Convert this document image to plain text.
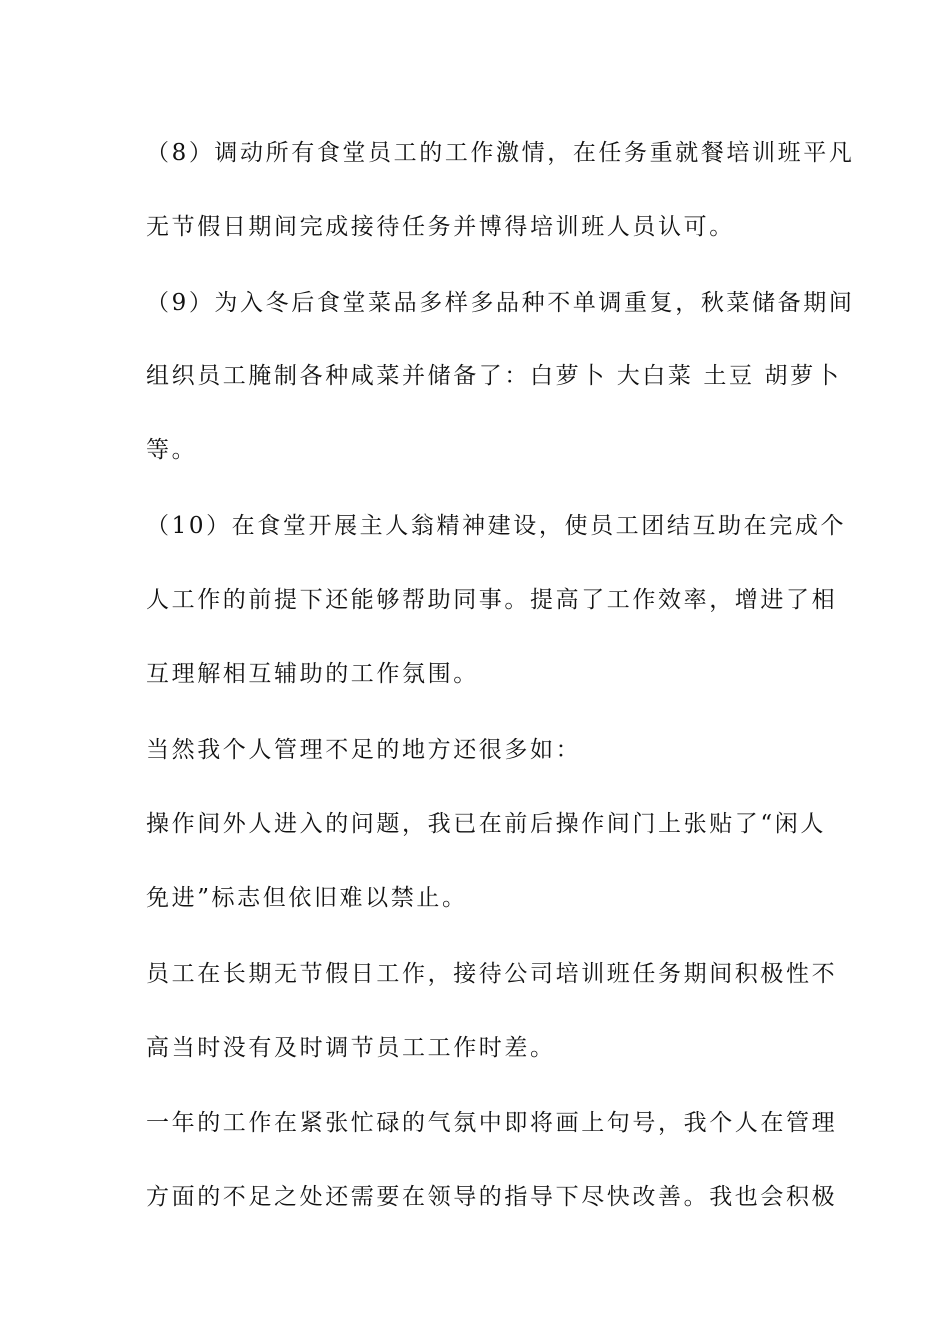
（8）调动所有食堂员工的工作激情，在任务重就餐培训班平凡
无节假日期间完成接待任务并博得培训班人员认可。
（9）为入冬后食堂菜品多样多品种不单调重复，秋菜储备期间
组织员工腌制各种咸菜并储备了：白萝卜 大白菜 土豆 胡萝卜
等。
（10）在食堂开展主人翁精神建设，使员工团结互助在完成个
人工作的前提下还能够帮助同事。提高了工作效率，增进了相
互理解相互辅助的工作氛围。
当然我个人管理不足的地方还很多如：
操作间外人进入的问题，我已在前后操作间门上张贴了“闲人
免进”标志但依旧难以禁止。
员工在长期无节假日工作，接待公司培训班任务期间积极性不
高当时没有及时调节员工工作时差。
一年的工作在紧张忙碌的气氛中即将画上句号，我个人在管理
方面的不足之处还需要在领导的指导下尽快改善。我也会积极
